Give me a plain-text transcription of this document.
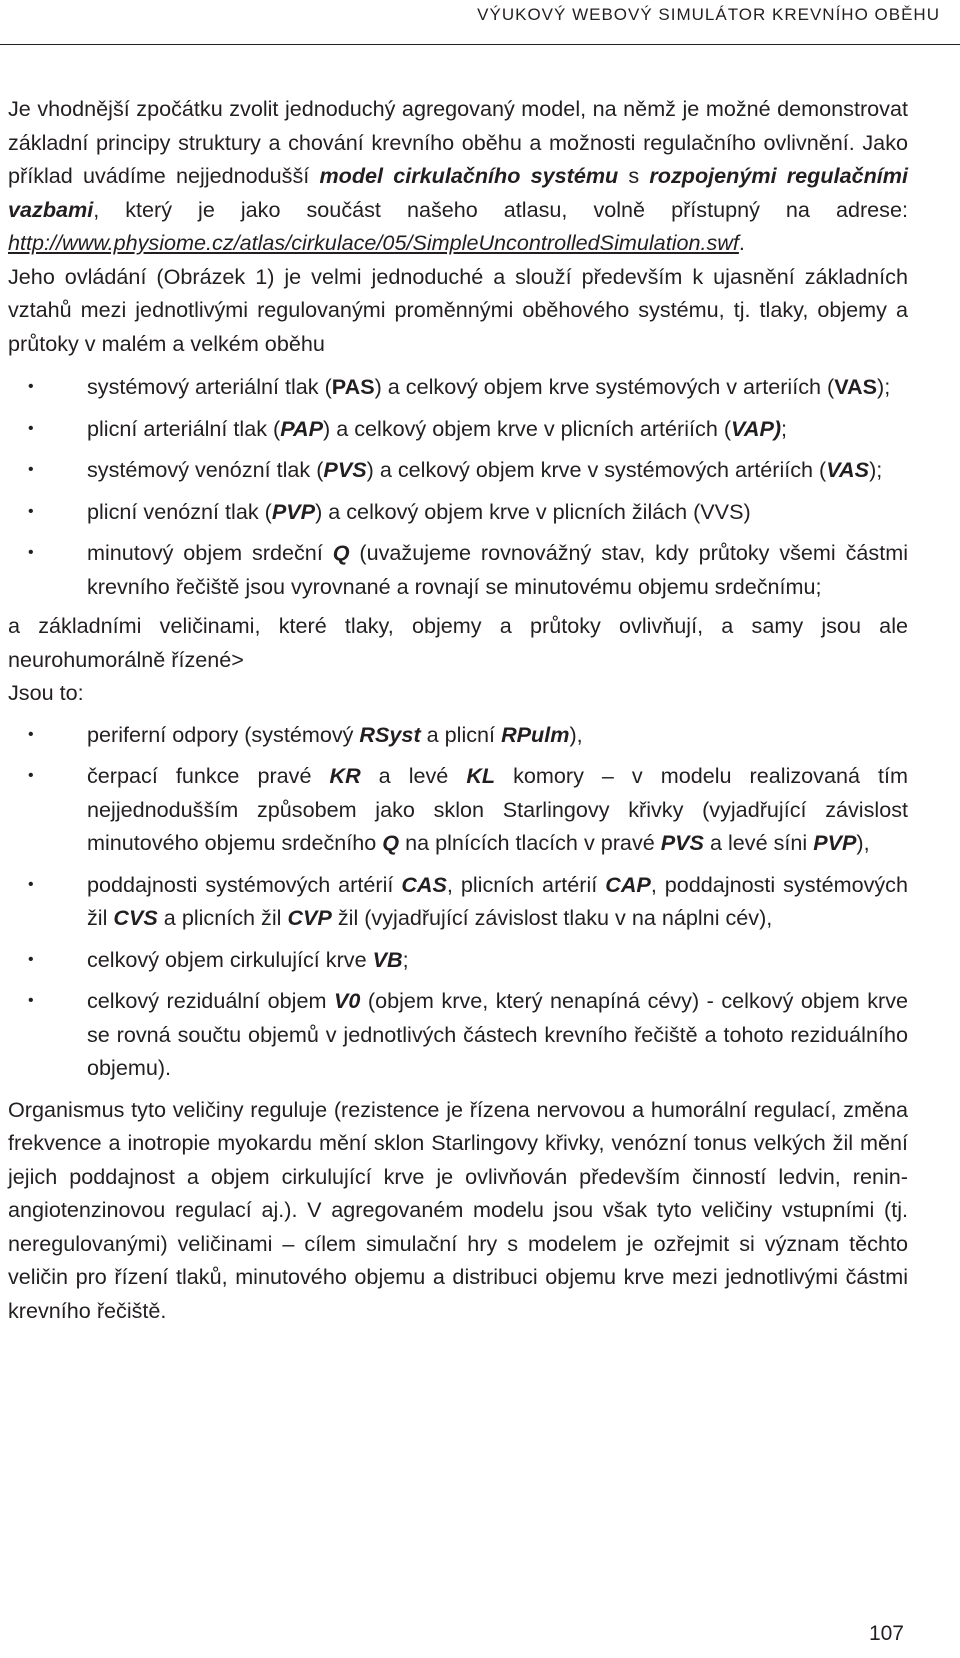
VÝUKOVÝ WEBOVÝ SIMULÁTOR KREVNÍHO OBĚHU

Je vhodnější zpočátku zvolit jednoduchý agregovaný model, na němž je možné demonstrovat základní principy struktury a chování krevního oběhu a možnosti regulačního ovlivnění. Jako příklad uvádíme nejjednodušší model cirkulačního systému s rozpojenými regulačními vazbami, který je jako součást našeho atlasu, volně přístupný na adrese: http://www.physiome.cz/atlas/cirkulace/05/SimpleUncontrolledSimulation.swf.

Jeho ovládání (Obrázek 1) je velmi jednoduché a slouží především k ujasnění základních vztahů mezi jednotlivými regulovanými proměnnými oběhového systému, tj. tlaky, objemy a průtoky v malém a velkém oběhu

• systémový arteriální tlak (PAS) a celkový objem krve systémových v arteriích (VAS);
• plicní arteriální tlak (PAP) a celkový objem krve v plicních artériích (VAP);
• systémový venózní tlak (PVS) a celkový objem krve v systémových artériích (VAS);
• plicní venózní tlak (PVP) a celkový objem krve v plicních žilách (VVS)
• minutový objem srdeční Q (uvažujeme rovnovážný stav, kdy průtoky všemi částmi krevního řečiště jsou vyrovnané a rovnají se minutovému objemu srdečnímu;

a základními veličinami, které tlaky, objemy a průtoky ovlivňují, a samy jsou ale neurohumorálně řízené>

Jsou to:

• periferní odpory (systémový RSyst a plicní RPulm),
• čerpací funkce pravé KR a levé KL komory – v modelu realizovaná tím nejjednodušším způsobem jako sklon Starlingovy křivky (vyjadřující závislost minutového objemu srdečního Q na plnících tlacích v pravé PVS a levé síni PVP),
• poddajnosti systémových artérií CAS, plicních artérií CAP, poddajnosti systémových žil CVS a plicních žil CVP žil (vyjadřující závislost tlaku v na náplni cév),
• celkový objem cirkulující krve VB;
• celkový reziduální objem V0 (objem krve, který nenapíná cévy) - celkový objem krve se rovná součtu objemů v jednotlivých částech krevního řečiště a tohoto reziduálního objemu).

Organismus tyto veličiny reguluje (rezistence je řízena nervovou a humorální regulací, změna frekvence a inotropie myokardu mění sklon Starlingovy křivky, venózní tonus velkých žil mění jejich poddajnost a objem cirkulující krve je ovlivňován především činností ledvin, renin-angiotenzinovou regulací aj.). V agregovaném modelu jsou však tyto veličiny vstupními (tj. neregulovanými) veličinami – cílem simulační hry s modelem je ozřejmit si význam těchto veličin pro řízení tlaků, minutového objemu a distribuci objemu krve mezi jednotlivými částmi krevního řečiště.

107
